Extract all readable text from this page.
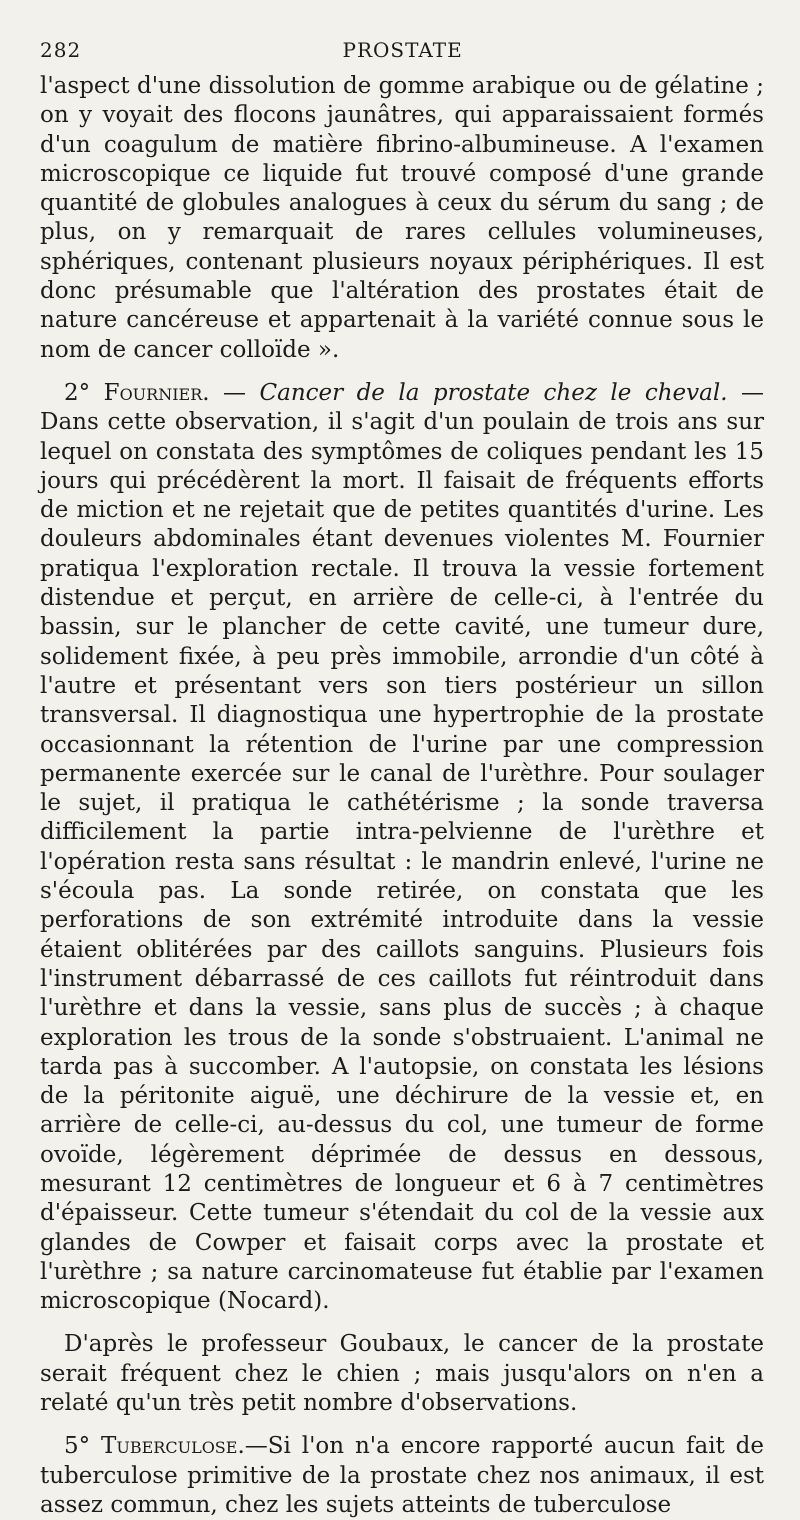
282	PROSTATE

l'aspect d'une dissolution de gomme arabique ou de gélatine ; on y voyait des flocons jaunâtres, qui apparaissaient formés d'un coagulum de matière fibrino-albumineuse. A l'examen microscopique ce liquide fut trouvé composé d'une grande quantité de globules analogues à ceux du sérum du sang ; de plus, on y remarquait de rares cellules volumineuses, sphériques, contenant plusieurs noyaux périphériques. Il est donc présumable que l'altération des prostates était de nature cancéreuse et appartenait à la variété connue sous le nom de cancer colloïde ».

2° Fournier. — Cancer de la prostate chez le cheval. — Dans cette observation, il s'agit d'un poulain de trois ans sur lequel on constata des symptômes de coliques pendant les 15 jours qui précédèrent la mort. Il faisait de fréquents efforts de miction et ne rejetait que de petites quantités d'urine. Les douleurs abdominales étant devenues violentes M. Fournier pratiqua l'exploration rectale. Il trouva la vessie fortement distendue et perçut, en arrière de celle-ci, à l'entrée du bassin, sur le plancher de cette cavité, une tumeur dure, solidement fixée, à peu près immobile, arrondie d'un côté à l'autre et présentant vers son tiers postérieur un sillon transversal. Il diagnostiqua une hypertrophie de la prostate occasionnant la rétention de l'urine par une compression permanente exercée sur le canal de l'urèthre. Pour soulager le sujet, il pratiqua le cathétérisme ; la sonde traversa difficilement la partie intra-pelvienne de l'urèthre et l'opération resta sans résultat : le mandrin enlevé, l'urine ne s'écoula pas. La sonde retirée, on constata que les perforations de son extrémité introduite dans la vessie étaient oblitérées par des caillots sanguins. Plusieurs fois l'instrument débarrassé de ces caillots fut réintroduit dans l'urèthre et dans la vessie, sans plus de succès ; à chaque exploration les trous de la sonde s'obstruaient. L'animal ne tarda pas à succomber. A l'autopsie, on constata les lésions de la péritonite aiguë, une déchirure de la vessie et, en arrière de celle-ci, au-dessus du col, une tumeur de forme ovoïde, légèrement déprimée de dessus en dessous, mesurant 12 centimètres de longueur et 6 à 7 centimètres d'épaisseur. Cette tumeur s'étendait du col de la vessie aux glandes de Cowper et faisait corps avec la prostate et l'urèthre ; sa nature carcinomateuse fut établie par l'examen microscopique (Nocard).

D'après le professeur Goubaux, le cancer de la prostate serait fréquent chez le chien ; mais jusqu'alors on n'en a relaté qu'un très petit nombre d'observations.

5° Tuberculose.—Si l'on n'a encore rapporté aucun fait de tuberculose primitive de la prostate chez nos animaux, il est assez commun, chez les sujets atteints de tuberculose
